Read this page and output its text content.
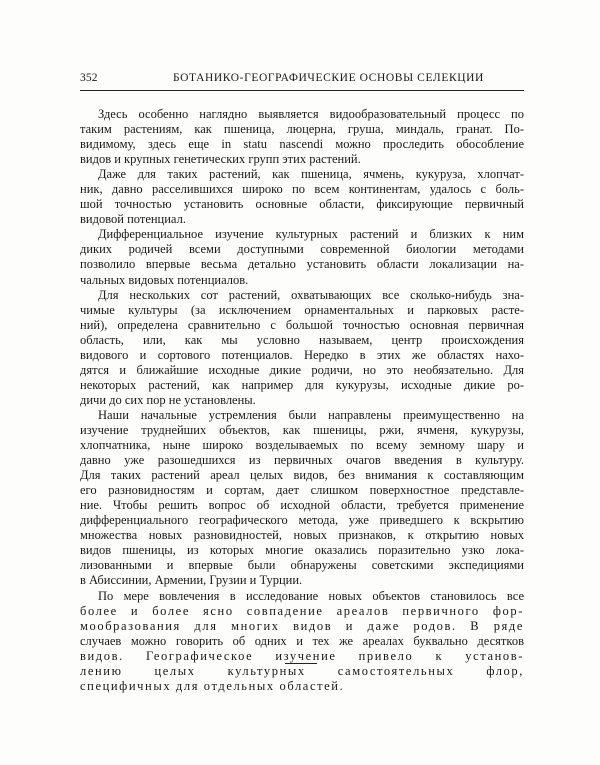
352	БОТАНИКО-ГЕОГРАФИЧЕСКИЕ ОСНОВЫ СЕЛЕКЦИИ
Здесь особенно наглядно выявляется видообразовательный процесс по
таким растениям, как пшеница, люцерна, груша, миндаль, гранат. По-
видимому, здесь еще in statu nascendi можно проследить обособление
видов и крупных генетических групп этих растений.
Даже для таких растений, как пшеница, ячмень, кукуруза, хлопчат-
ник, давно расселившихся широко по всем континентам, удалось с боль-
шой точностью установить основные области, фиксирующие первичный
видовой потенциал.
Дифференциальное изучение культурных растений и близких к ним
диких родичей всеми доступными современной биологии методами
позволило впервые весьма детально установить области локализации на-
чальных видовых потенциалов.
Для нескольких сот растений, охватывающих все сколько-нибудь зна-
чимые культуры (за исключением орнаментальных и парковых расте-
ний), определена сравнительно с большой точностью основная первичная
область, или, как мы условно называем, центр происхождения
видового и сортового потенциалов. Нередко в этих же областях нахо-
дятся и ближайшие исходные дикие родичи, но это необязательно. Для
некоторых растений, как например для кукурузы, исходные дикие ро-
дичи до сих пор не установлены.
Наши начальные устремления были направлены преимущественно на
изучение труднейших объектов, как пшеницы, ржи, ячменя, кукурузы,
хлопчатника, ныне широко возделываемых по всему земному шару и
давно уже разошедшихся из первичных очагов введения в культуру.
Для таких растений ареал целых видов, без внимания к составляющим
его разновидностям и сортам, дает слишком поверхностное представле-
ние. Чтобы решить вопрос об исходной области, требуется применение
дифференциального географического метода, уже приведшего к вскрытию
множества новых разновидностей, новых признаков, к открытию новых
видов пшеницы, из которых многие оказались поразительно узко лока-
лизованными и впервые были обнаружены советскими экспедициями
в Абиссинии, Армении, Грузии и Турции.
По мере вовлечения в исследование новых объектов становилось все
более и более ясно совпадение ареалов первичного фор-
мообразования для многих видов и даже родов. В ряде
случаев можно говорить об одних и тех же ареалах буквально десятков
видов. Географическое изучение привело к установ-
лению целых культурных самостоятельных флор,
специфичных для отдельных областей.
